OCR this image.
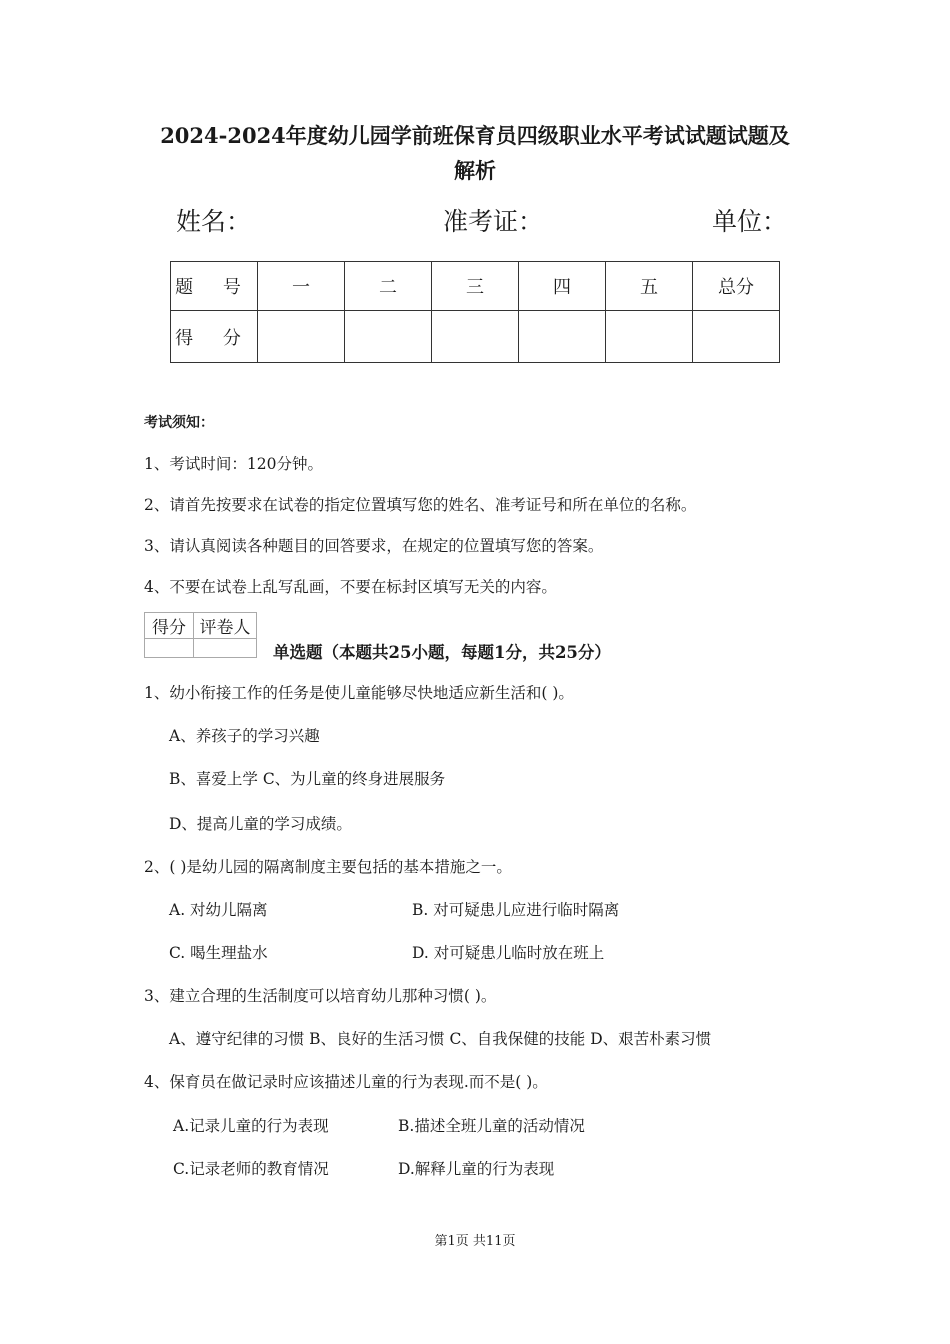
2024-2024年度幼儿园学前班保育员四级职业水平考试试题试题及
解析
姓名：	准考证：	单位：
题 号	一	二	三	四	五	总分
得 分						
考试须知：
1、考试时间：120分钟。
2、请首先按要求在试卷的指定位置填写您的姓名、准考证号和所在单位的名称。
3、请认真阅读各种题目的回答要求，在规定的位置填写您的答案。
4、不要在试卷上乱写乱画，不要在标封区填写无关的内容。
得分	评卷人

单选题（本题共25小题，每题1分，共25分）
1、幼小衔接工作的任务是使儿童能够尽快地适应新生活和( )。
A、养孩子的学习兴趣
B、喜爱上学 C、为儿童的终身进展服务
D、提高儿童的学习成绩。
2、( )是幼儿园的隔离制度主要包括的基本措施之一。
A. 对幼儿隔离	B. 对可疑患儿应进行临时隔离
C. 喝生理盐水	D. 对可疑患儿临时放在班上
3、建立合理的生活制度可以培育幼儿那种习惯( )。
A、遵守纪律的习惯 B、良好的生活习惯 C、自我保健的技能 D、艰苦朴素习惯
4、保育员在做记录时应该描述儿童的行为表现.而不是( )。
A.记录儿童的行为表现	B.描述全班儿童的活动情况
C.记录老师的教育情况	D.解释儿童的行为表现
第1页 共11页
